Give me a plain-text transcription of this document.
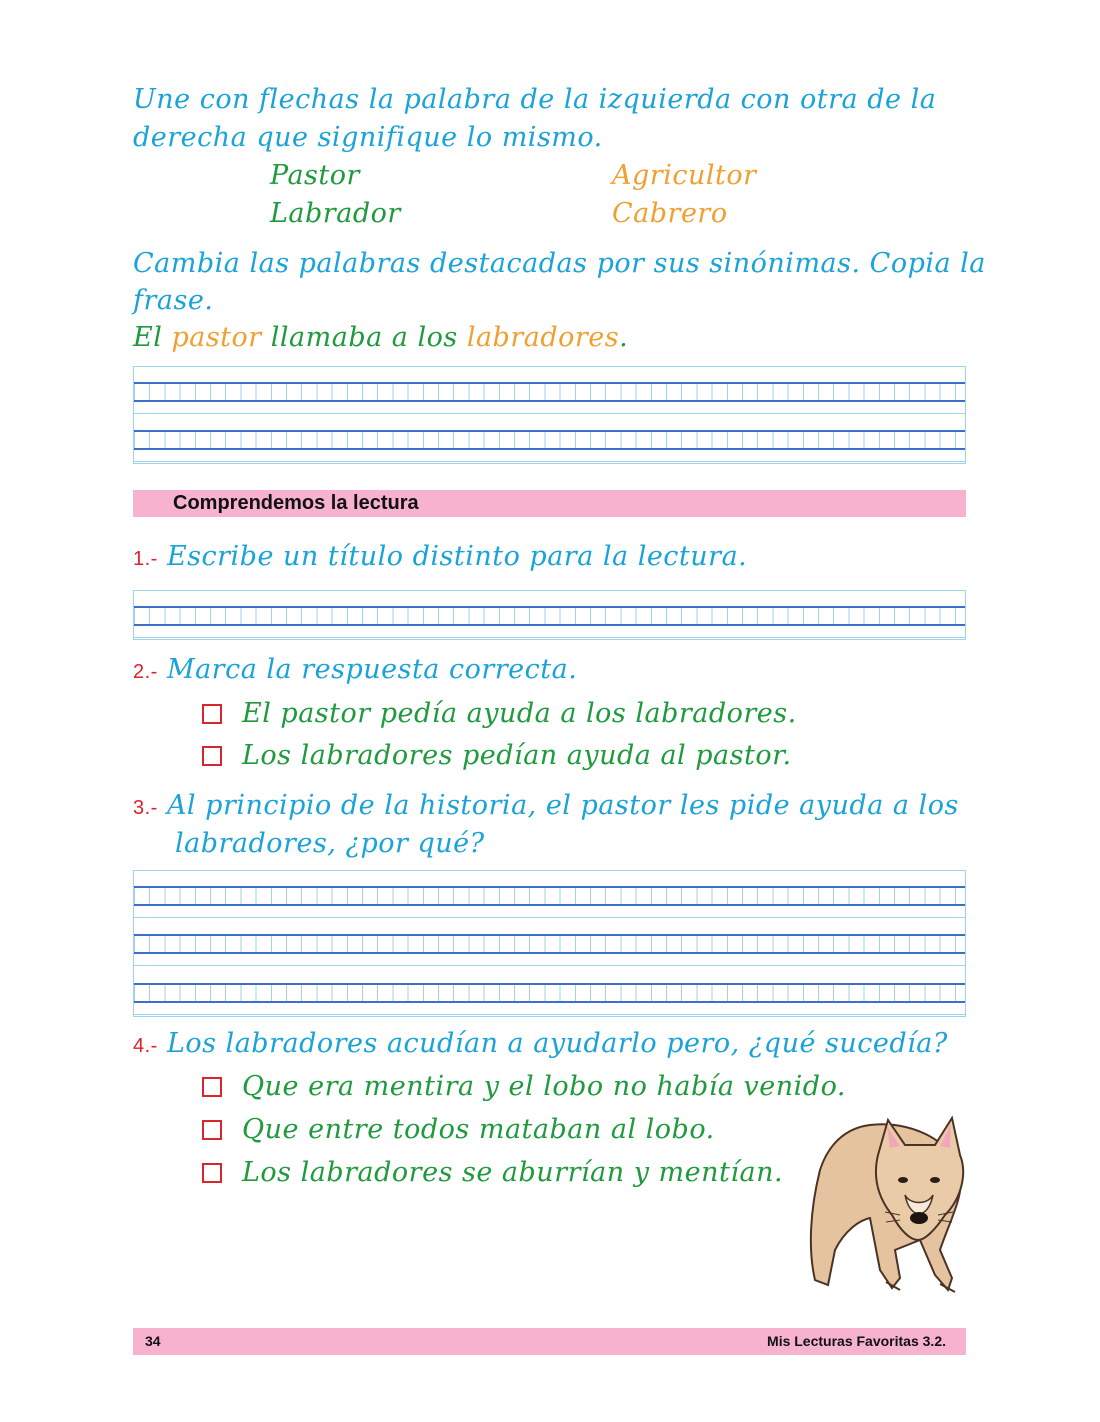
Une con flechas la palabra de la izquierda con otra de la
derecha que signifique lo mismo.
Pastor
Labrador
Agricultor
Cabrero
Cambia las palabras destacadas por sus sinónimas. Copia la
frase.
El pastor llamaba a los labradores.
Comprendemos la lectura
1.- Escribe un título distinto para la lectura.
2.- Marca la respuesta correcta.
El pastor pedía ayuda a los labradores.
Los labradores pedían ayuda al pastor.
3.- Al principio de la historia, el pastor les pide ayuda a los
labradores, ¿por qué?
4.- Los labradores acudían a ayudarlo pero, ¿qué sucedía?
Que era mentira y el lobo no había venido.
Que entre todos mataban al lobo.
Los labradores se aburrían y mentían.
34	Mis Lecturas Favoritas 3.2.
